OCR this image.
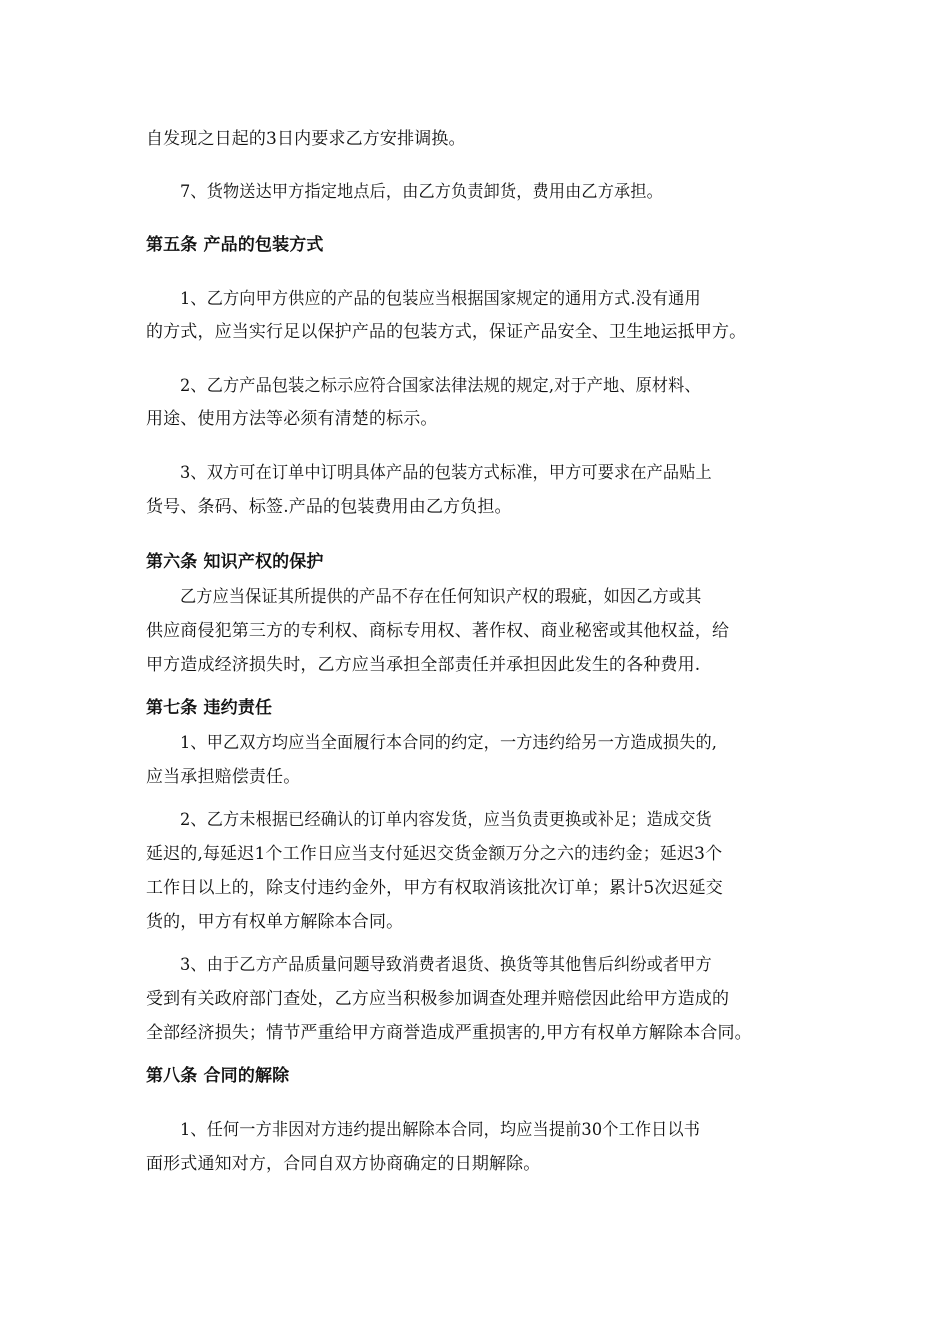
自发现之日起的3日内要求乙方安排调换。
7、货物送达甲方指定地点后，由乙方负责卸货，费用由乙方承担。
第五条 产品的包装方式
1、乙方向甲方供应的产品的包装应当根据国家规定的通用方式.没有通用
的方式，应当实行足以保护产品的包装方式，保证产品安全、卫生地运抵甲方。
2、乙方产品包装之标示应符合国家法律法规的规定,对于产地、原材料、
用途、使用方法等必须有清楚的标示。
3、双方可在订单中订明具体产品的包装方式标准，甲方可要求在产品贴上
货号、条码、标签.产品的包装费用由乙方负担。
第六条 知识产权的保护
乙方应当保证其所提供的产品不存在任何知识产权的瑕疵，如因乙方或其
供应商侵犯第三方的专利权、商标专用权、著作权、商业秘密或其他权益，给
甲方造成经济损失时，乙方应当承担全部责任并承担因此发生的各种费用.
第七条 违约责任
1、甲乙双方均应当全面履行本合同的约定，一方违约给另一方造成损失的,
应当承担赔偿责任。
2、乙方未根据已经确认的订单内容发货，应当负责更换或补足；造成交货
延迟的,每延迟1个工作日应当支付延迟交货金额万分之六的违约金；延迟3个
工作日以上的，除支付违约金外，甲方有权取消该批次订单；累计5次迟延交
货的，甲方有权单方解除本合同。
3、由于乙方产品质量问题导致消费者退货、换货等其他售后纠纷或者甲方
受到有关政府部门查处，乙方应当积极参加调查处理并赔偿因此给甲方造成的
全部经济损失；情节严重给甲方商誉造成严重损害的,甲方有权单方解除本合同。
第八条 合同的解除
1、任何一方非因对方违约提出解除本合同，均应当提前30个工作日以书
面形式通知对方，合同自双方协商确定的日期解除。
